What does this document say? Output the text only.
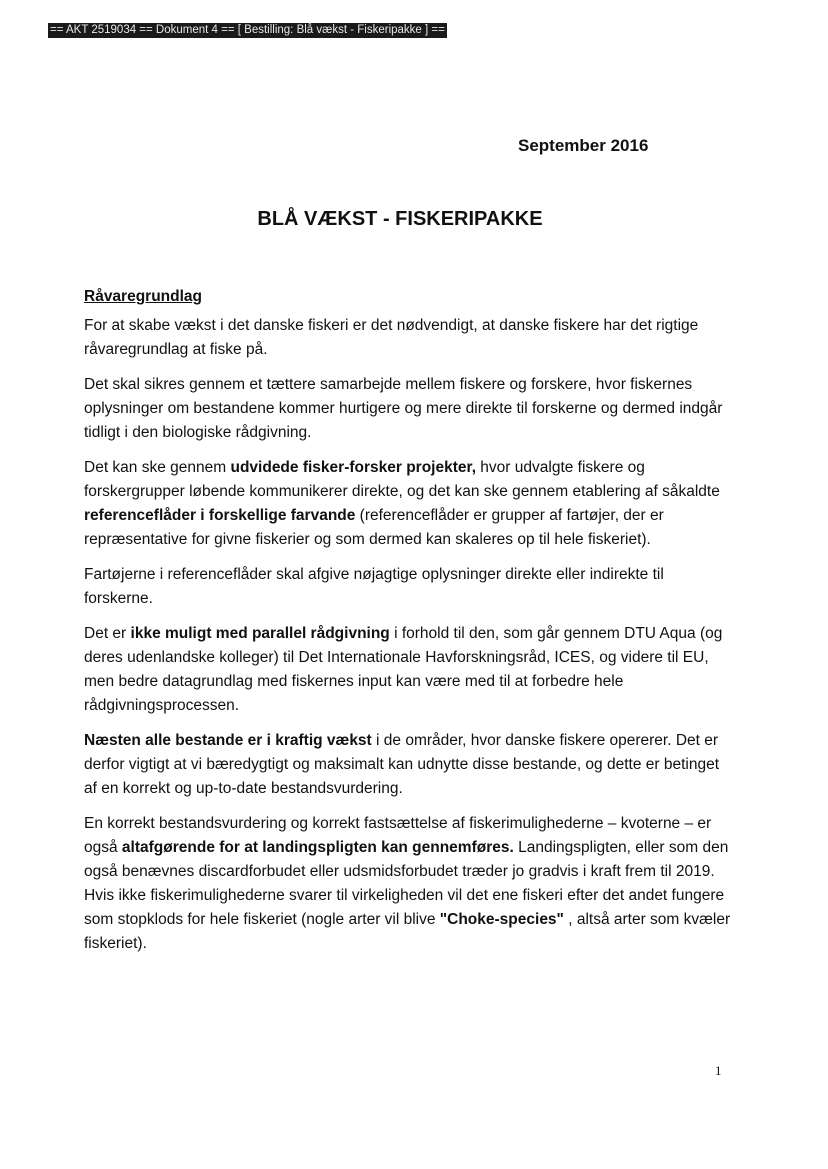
== AKT 2519034 == Dokument 4 == [ Bestilling: Blå vækst - Fiskeripakke ] ==
September 2016
BLÅ VÆKST - FISKERIPAKKE
Råvaregrundlag

For at skabe vækst i det danske fiskeri er det nødvendigt, at danske fiskere har det rigtige råvaregrundlag at fiske på.

Det skal sikres gennem et tættere samarbejde mellem fiskere og forskere, hvor fiskernes oplysninger om bestandene kommer hurtigere og mere direkte til forskerne og dermed indgår tidligt i den biologiske rådgivning.

Det kan ske gennem udvidede fisker-forsker projekter, hvor udvalgte fiskere og forskergrupper løbende kommunikerer direkte, og det kan ske gennem etablering af såkaldte referenceflåder i forskellige farvande (referenceflåder er grupper af fartøjer, der er repræsentative for givne fiskerier og som dermed kan skaleres op til hele fiskeriet).

Fartøjerne i referenceflåder skal afgive nøjagtige oplysninger direkte eller indirekte til forskerne.

Det er ikke muligt med parallel rådgivning i forhold til den, som går gennem DTU Aqua (og deres udenlandske kolleger) til Det Internationale Havforskningsråd, ICES, og videre til EU, men bedre datagrundlag med fiskernes input kan være med til at forbedre hele rådgivningsprocessen.

Næsten alle bestande er i kraftig vækst i de områder, hvor danske fiskere opererer. Det er derfor vigtigt at vi bæredygtigt og maksimalt kan udnytte disse bestande, og dette er betinget af en korrekt og up-to-date bestandsvurdering.

En korrekt bestandsvurdering og korrekt fastsættelse af fiskerimulighederne – kvoterne – er også altafgørende for at landingspligten kan gennemføres. Landingspligten, eller som den også benævnes discardforbudet eller udsmidsforbudet træder jo gradvis i kraft frem til 2019. Hvis ikke fiskerimulighederne svarer til virkeligheden vil det ene fiskeri efter det andet fungere som stopklods for hele fiskeriet (nogle arter vil blive "Choke-species" , altså arter som kvæler fiskeriet).

1
